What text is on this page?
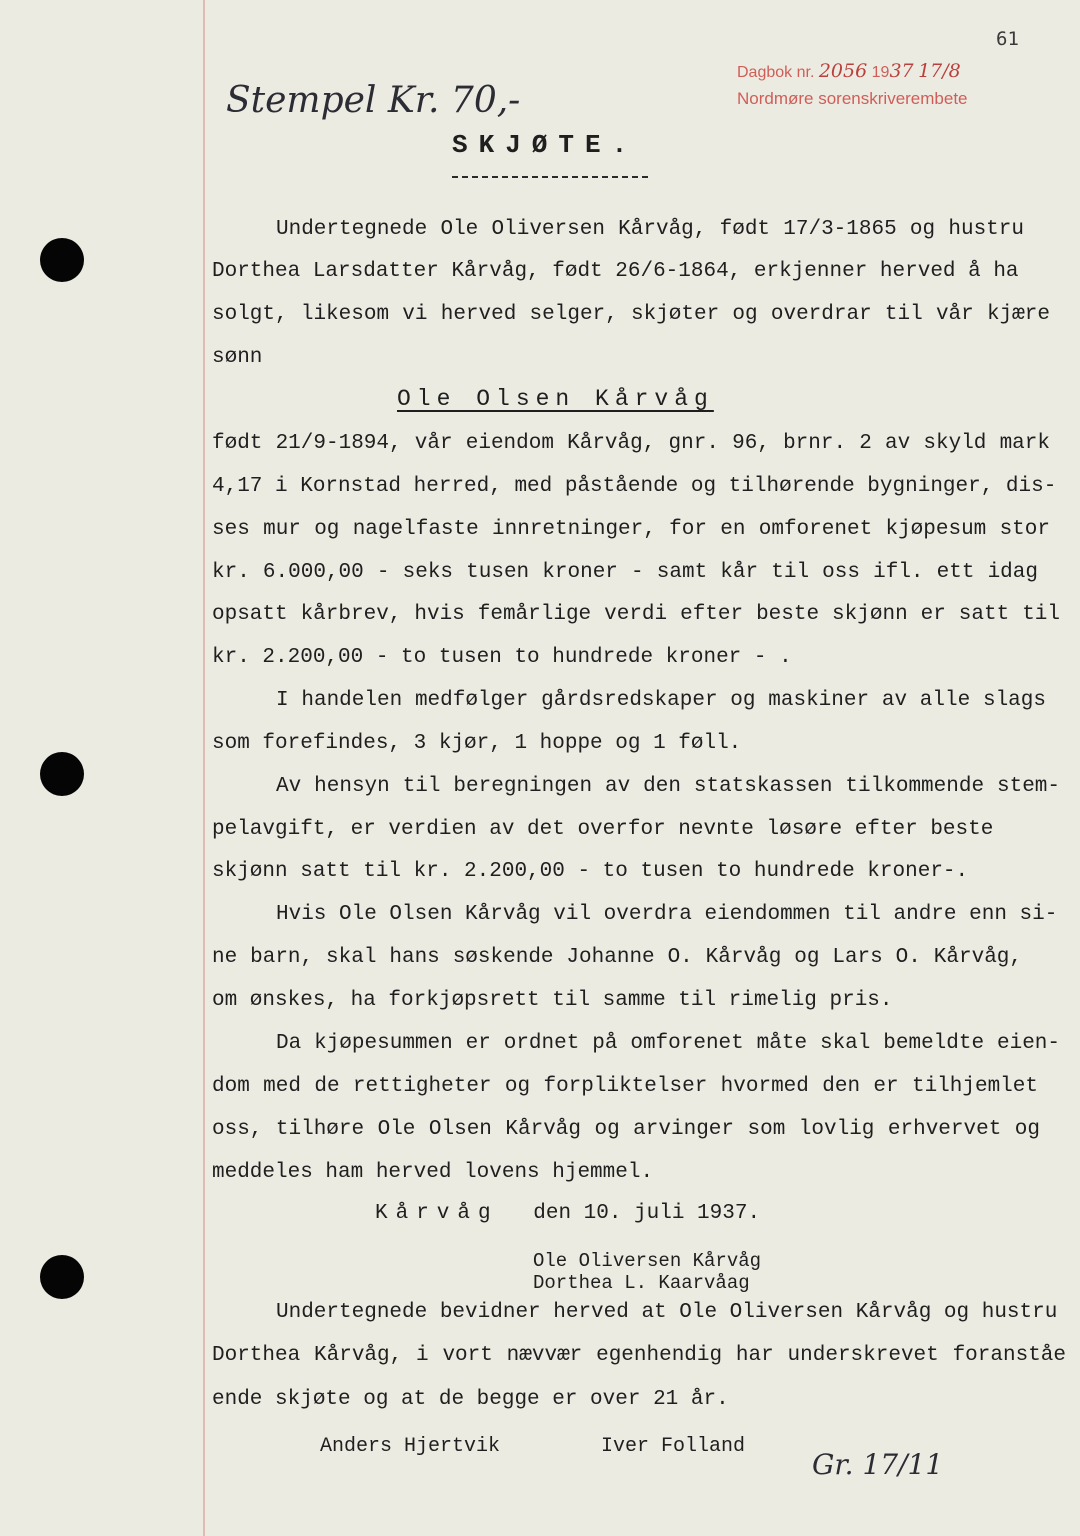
61
Dagbok nr. 2056 1937 17/8
Nordmøre sorenskriverembete
Stempel Kr. 70,-
SKJØTE.
Undertegnede Ole Oliversen Kårvåg, født 17/3-1865 og hustru
Dorthea Larsdatter Kårvåg, født 26/6-1864, erkjenner herved å ha
solgt, likesom vi herved selger, skjøter og overdrar til vår kjære
sønn
Ole Olsen Kårvåg
født 21/9-1894, vår eiendom Kårvåg, gnr. 96, brnr. 2 av skyld mark
4,17 i Kornstad herred, med påstående og tilhørende bygninger, dis-
ses mur og nagelfaste innretninger, for en omforenet kjøpesum stor
kr. 6.000,00 - seks tusen kroner - samt kår til oss ifl. ett idag
opsatt kårbrev, hvis femårlige verdi efter beste skjønn er satt til
kr. 2.200,00 - to tusen to hundrede kroner - .
I handelen medfølger gårdsredskaper og maskiner av alle slags
som forefindes, 3 kjør, 1 hoppe og 1 føll.
Av hensyn til beregningen av den statskassen tilkommende stem-
pelavgift, er verdien av det overfor nevnte løsøre efter beste
skjønn satt til kr. 2.200,00 - to tusen to hundrede kroner-.
Hvis Ole Olsen Kårvåg vil overdra eiendommen til andre enn si-
ne barn, skal hans søskende Johanne O. Kårvåg og Lars O. Kårvåg,
om ønskes, ha forkjøpsrett til samme til rimelig pris.
Da kjøpesummen er ordnet på omforenet måte skal bemeldte eien-
dom med de rettigheter og forpliktelser hvormed den er tilhjemlet
oss, tilhøre Ole Olsen Kårvåg og arvinger som lovlig erhvervet og
meddeles ham herved lovens hjemmel.
Kårvåg den 10. juli 1937.
Ole Oliversen Kårvåg
Dorthea L. Kaarvåag
Undertegnede bevidner herved at Ole Oliversen Kårvåg og hustru
Dorthea Kårvåg, i vort nævvær egenhendig har underskrevet foranståe
ende skjøte og at de begge er over 21 år.
Anders Hjertvik	Iver Folland
Gr. 17/11
